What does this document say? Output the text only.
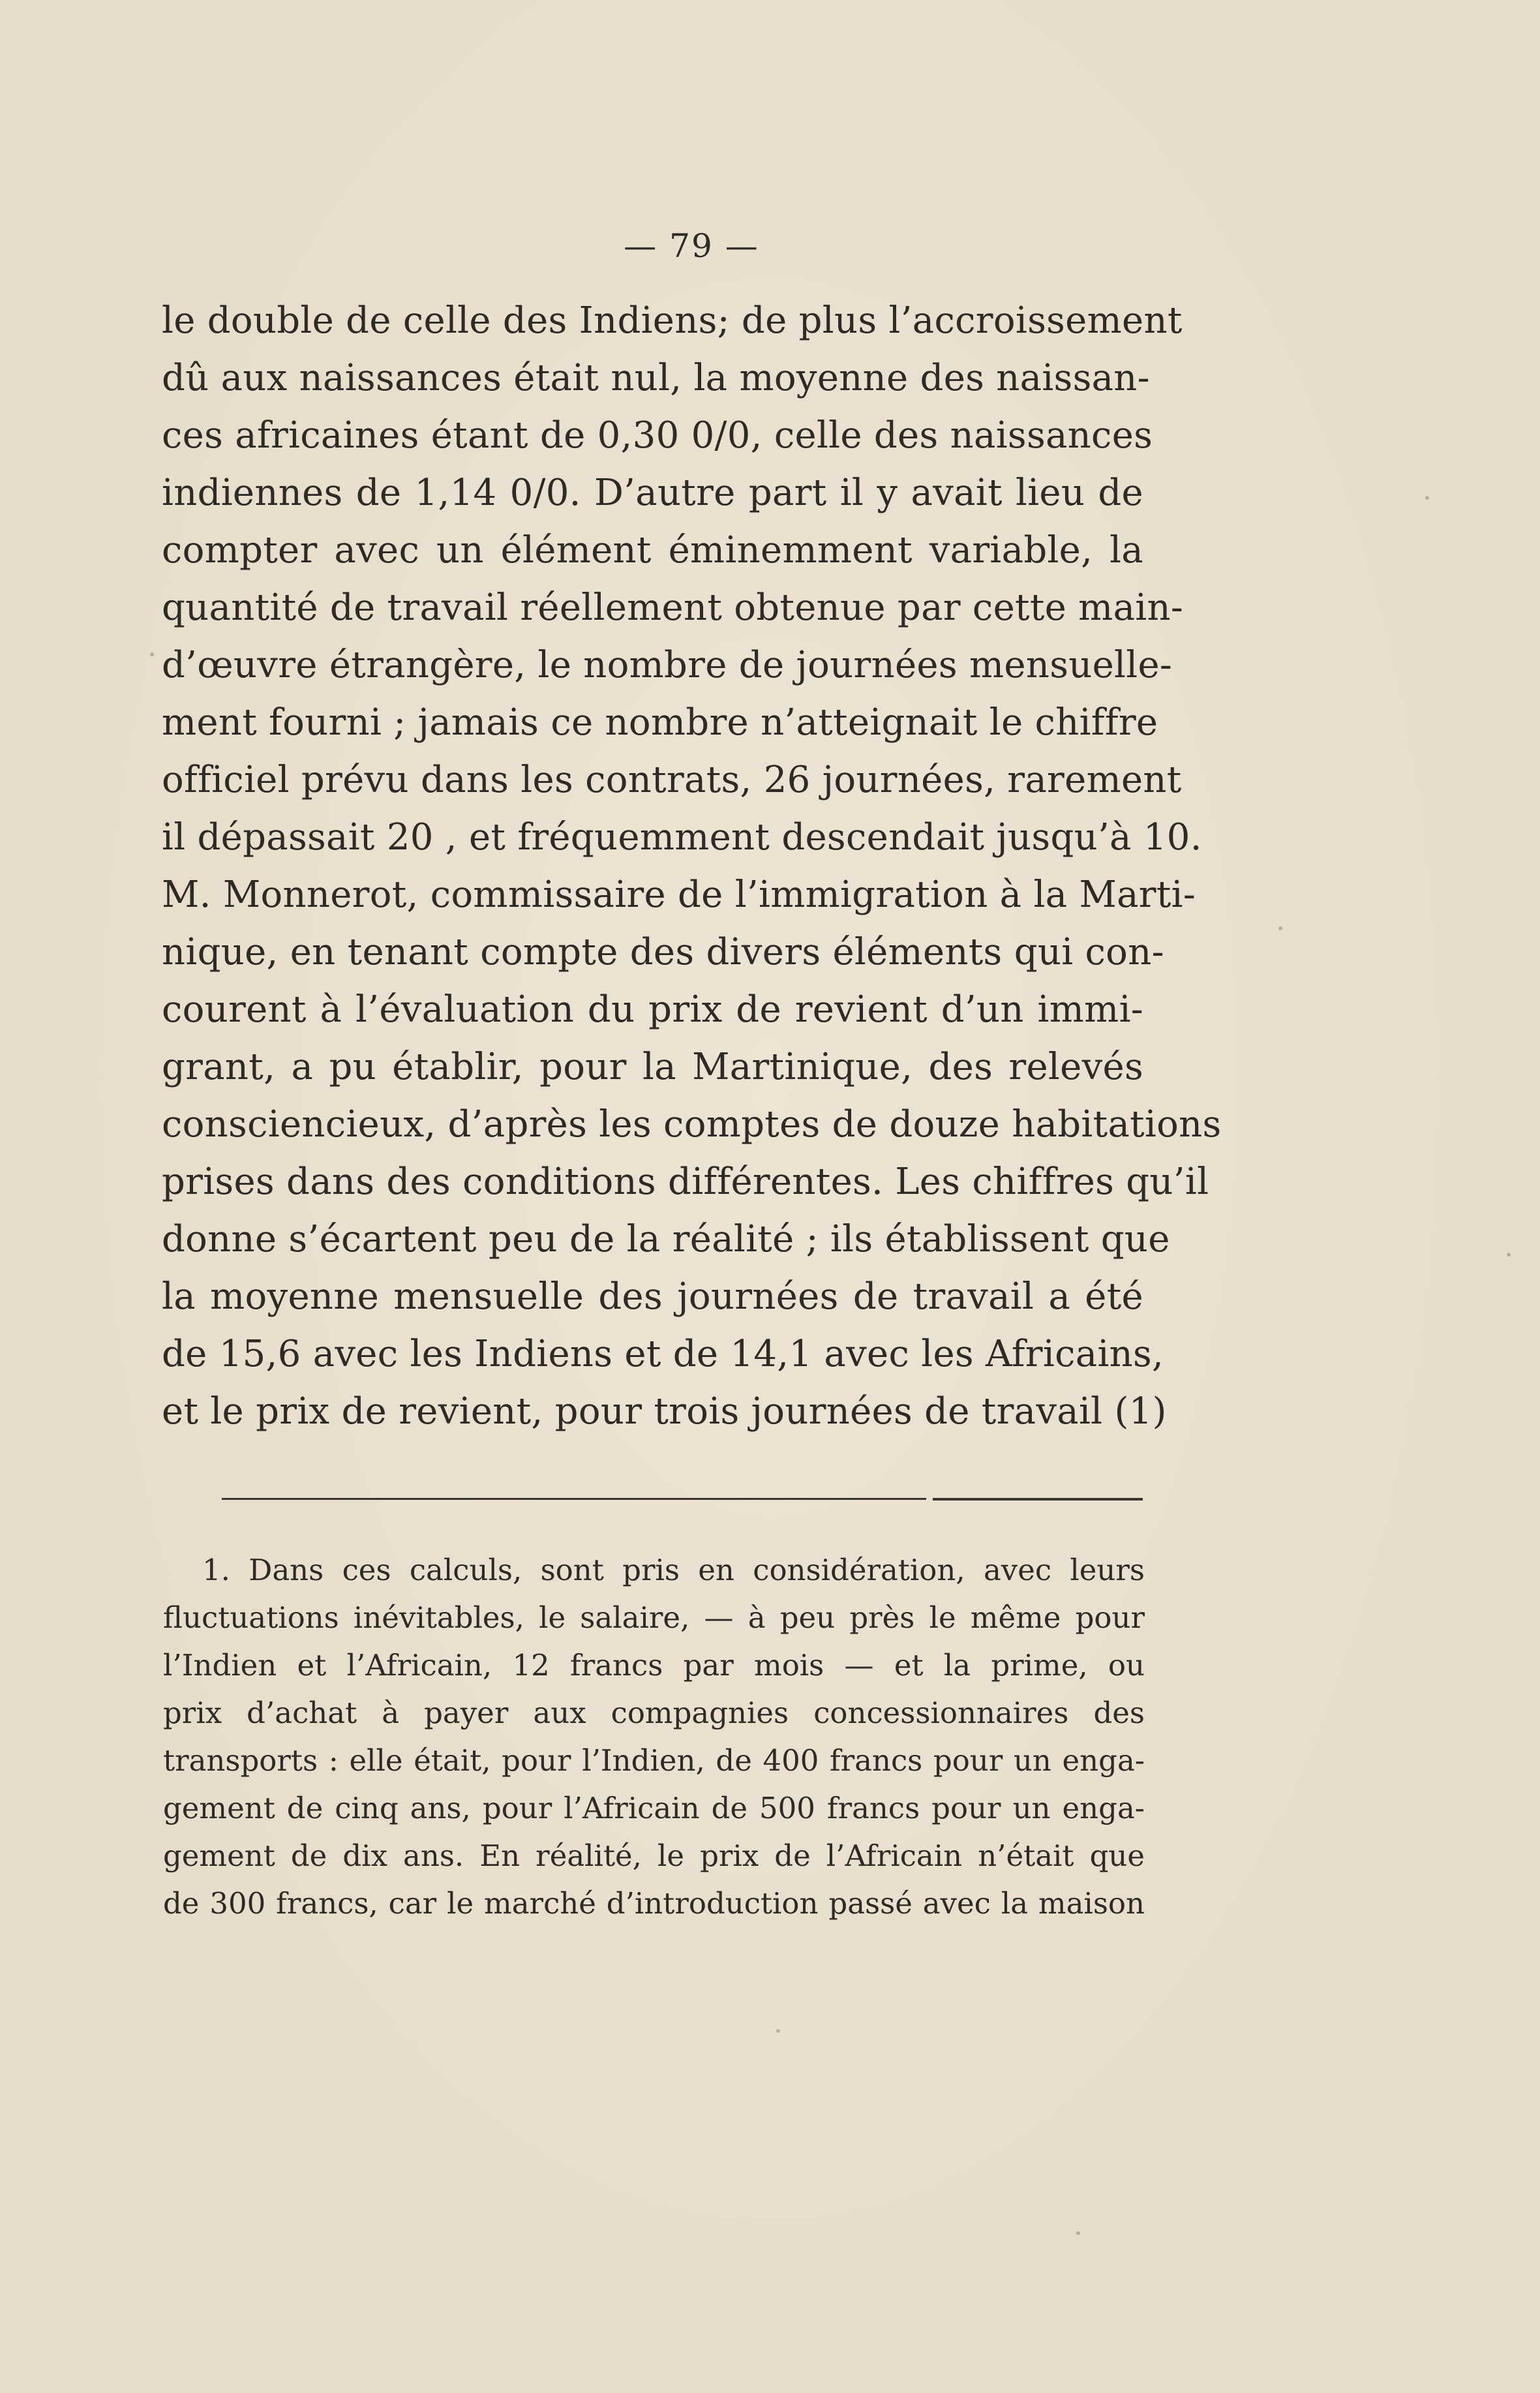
— 79 —
le double de celle des Indiens; de plus l’accroissement
dû aux naissances était nul, la moyenne des naissan-
ces africaines étant de 0,30 0/0, celle des naissances
indiennes de 1,14 0/0. D’autre part il y avait lieu de
compter avec un élément éminemment variable, la
quantité de travail réellement obtenue par cette main-
d’œuvre étrangère, le nombre de journées mensuelle-
ment fourni ; jamais ce nombre n’atteignait le chiffre
officiel prévu dans les contrats, 26 journées, rarement
il dépassait 20 , et fréquemment descendait jusqu’à 10.
M. Monnerot, commissaire de l’immigration à la Marti-
nique, en tenant compte des divers éléments qui con-
courent à l’évaluation du prix de revient d’un immi-
grant, a pu établir, pour la Martinique, des relevés
consciencieux, d’après les comptes de douze habitations
prises dans des conditions différentes. Les chiffres qu’il
donne s’écartent peu de la réalité ; ils établissent que
la moyenne mensuelle des journées de travail a été
de 15,6 avec les Indiens et de 14,1 avec les Africains,
et le prix de revient, pour trois journées de travail (1)
1. Dans ces calculs, sont pris en considération, avec leurs
fluctuations inévitables, le salaire, — à peu près le même pour
l’Indien et l’Africain, 12 francs par mois — et la prime, ou
prix d’achat à payer aux compagnies concessionnaires des
transports : elle était, pour l’Indien, de 400 francs pour un enga-
gement de cinq ans, pour l’Africain de 500 francs pour un enga-
gement de dix ans. En réalité, le prix de l’Africain n’était que
de 300 francs, car le marché d’introduction passé avec la maison
